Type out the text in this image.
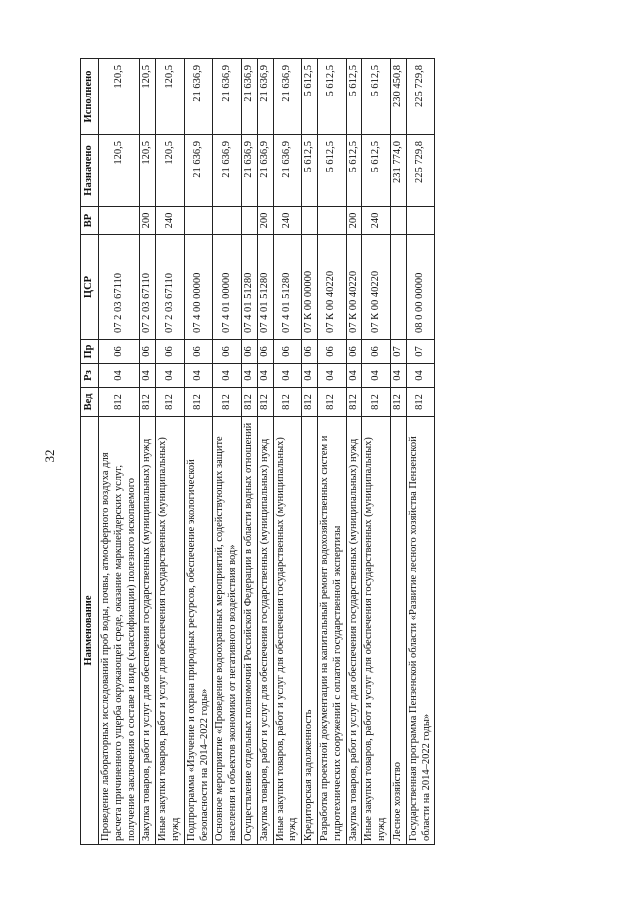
32
Наименование	Вед	Рз	Пр	ЦСР	ВР	Назначено	Исполнено
Проведение лабораторных исследований проб воды, почвы, атмосферного воздуха для расчета причиненного ущерба окружающей среде, оказание маркшейдерских услуг, получение заключения о составе и виде (классификации) полезного ископаемого	812	04	06	07 2 03 67110		120,5	120,5
Закупка товаров, работ и услуг для обеспечения государственных (муниципальных) нужд	812	04	06	07 2 03 67110	200	120,5	120,5
Иные закупки товаров, работ и услуг для обеспечения государственных (муниципальных) нужд	812	04	06	07 2 03 67110	240	120,5	120,5
Подпрограмма «Изучение и охрана природных ресурсов, обеспечение экологической безопасности на 2014–2022 годы»	812	04	06	07 4 00 00000		21 636,9	21 636,9
Основное мероприятие «Проведение водоохранных мероприятий, содействующих защите населения и объектов экономики от негативного воздействия вод»	812	04	06	07 4 01 00000		21 636,9	21 636,9
Осуществление отдельных полномочий Российской Федерации в области водных отношений	812	04	06	07 4 01 51280		21 636,9	21 636,9
Закупка товаров, работ и услуг для обеспечения государственных (муниципальных) нужд	812	04	06	07 4 01 51280	200	21 636,9	21 636,9
Иные закупки товаров, работ и услуг для обеспечения государственных (муниципальных) нужд	812	04	06	07 4 01 51280	240	21 636,9	21 636,9
Кредиторская задолженность	812	04	06	07 К 00 00000		5 612,5	5 612,5
Разработка проектной документации на капитальный ремонт водохозяйственных систем и гидротехнических сооружений с оплатой государственной экспертизы	812	04	06	07 К 00 40220		5 612,5	5 612,5
Закупка товаров, работ и услуг для обеспечения государственных (муниципальных) нужд	812	04	06	07 К 00 40220	200	5 612,5	5 612,5
Иные закупки товаров, работ и услуг для обеспечения государственных (муниципальных) нужд	812	04	06	07 К 00 40220	240	5 612,5	5 612,5
Лесное хозяйство	812	04	07			231 774,0	230 450,8
Государственная программа Пензенской области «Развитие лесного хозяйства Пензенской области на 2014–2022 годы»	812	04	07	08 0 00 00000		225 729,8	225 729,8
